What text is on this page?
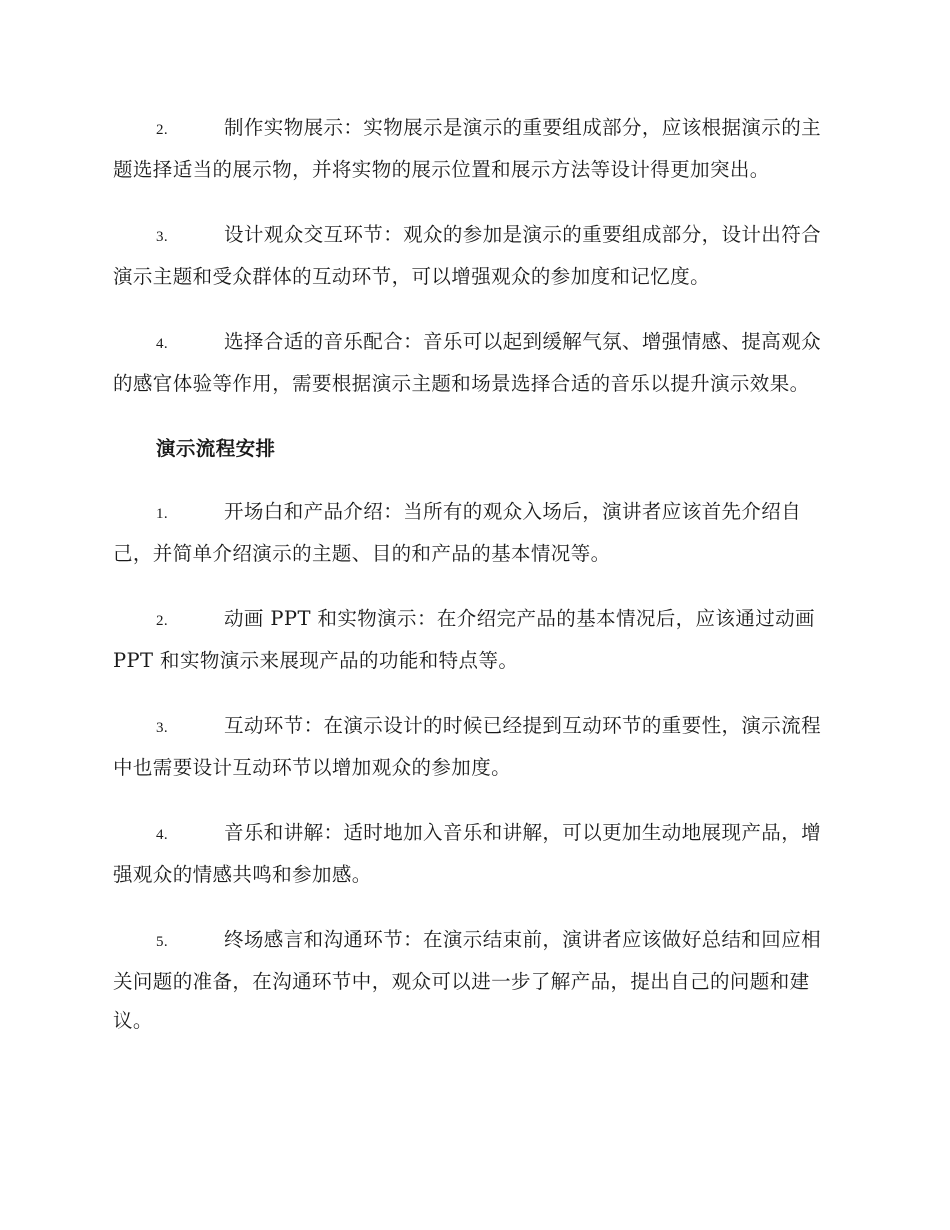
2.	制作实物展示：实物展示是演示的重要组成部分，应该根据演示的主题选择适当的展示物，并将实物的展示位置和展示方法等设计得更加突出。

3.	设计观众交互环节：观众的参加是演示的重要组成部分，设计出符合演示主题和受众群体的互动环节，可以增强观众的参加度和记忆度。

4.	选择合适的音乐配合：音乐可以起到缓解气氛、增强情感、提高观众的感官体验等作用，需要根据演示主题和场景选择合适的音乐以提升演示效果。

演示流程安排

1.	开场白和产品介绍：当所有的观众入场后，演讲者应该首先介绍自己，并简单介绍演示的主题、目的和产品的基本情况等。

2.	动画 PPT 和实物演示：在介绍完产品的基本情况后，应该通过动画 PPT 和实物演示来展现产品的功能和特点等。

3.	互动环节：在演示设计的时候已经提到互动环节的重要性，演示流程中也需要设计互动环节以增加观众的参加度。

4.	音乐和讲解：适时地加入音乐和讲解，可以更加生动地展现产品，增强观众的情感共鸣和参加感。

5.	终场感言和沟通环节：在演示结束前，演讲者应该做好总结和回应相关问题的准备，在沟通环节中，观众可以进一步了解产品，提出自己的问题和建议。
